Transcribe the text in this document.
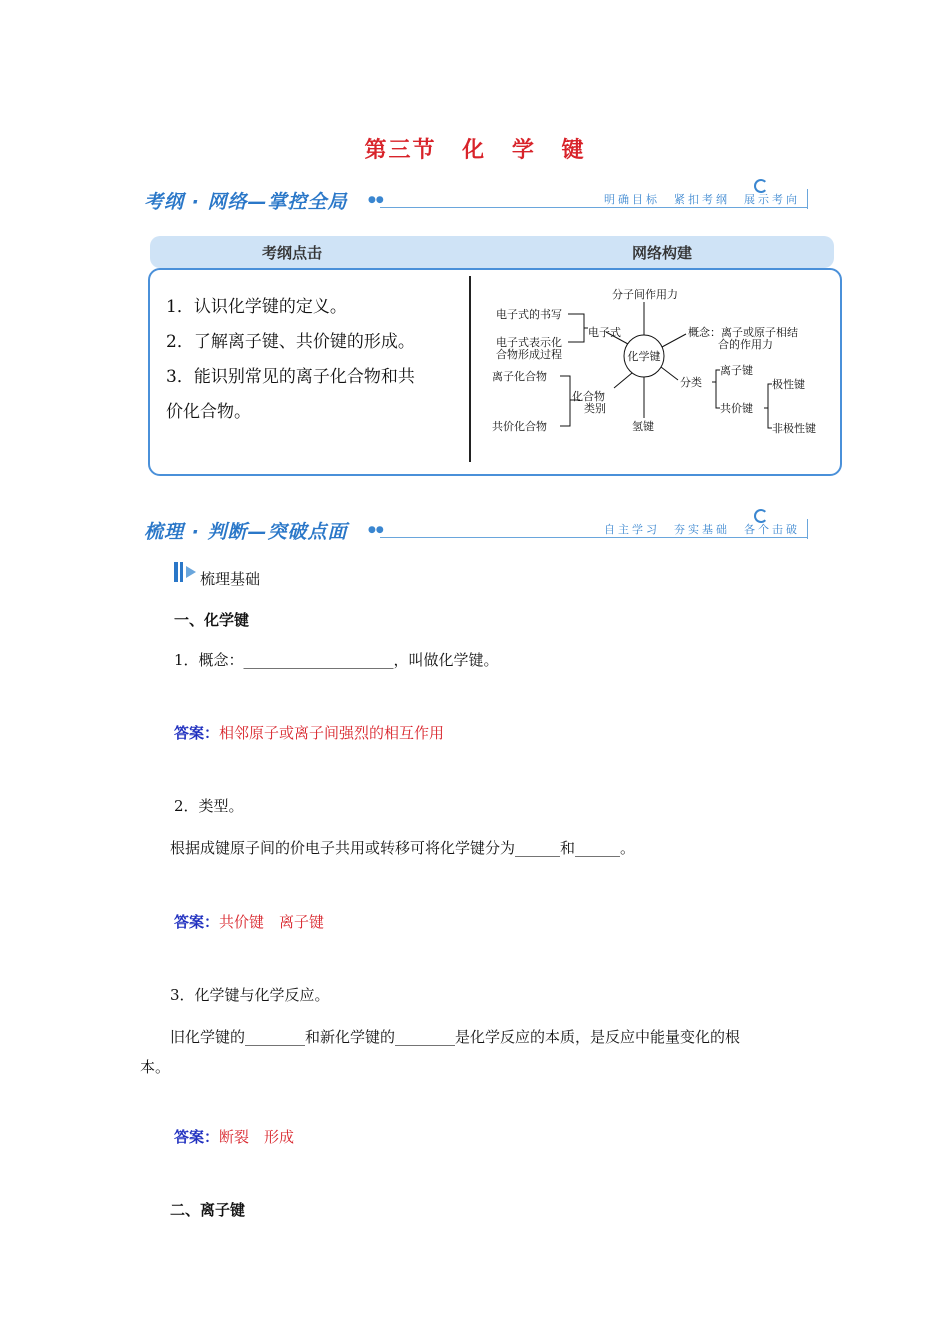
第三节 化 学 键
考纲 · 网络—掌控全局 ●●	明确目标　紧扣考纲　展示考向
考纲点击	网络构建
1．认识化学键的定义。
2．了解离子键、共价键的形成。
3．能识别常见的离子化合物和共
价化合物。
化学键
分子间作用力
电子式
电子式的书写
电子式表示化
合物形成过程
概念：离子或原子相结
合的作用力
分类
离子键
共价键
极性键
非极性键
氢键
化合物
类别
离子化合物
共价化合物
梳理 · 判断—突破点面 ●●	自主学习　夯实基础　各个击破
梳理基础
一、化学键
1．概念：____________________，叫做化学键。
答案：相邻原子或离子间强烈的相互作用
2．类型。
根据成键原子间的价电子共用或转移可将化学键分为______和______。
答案：共价键　离子键
3．化学键与化学反应。
旧化学键的________和新化学键的________是化学反应的本质，是反应中能量变化的根
本。
答案：断裂　形成
二、离子键
